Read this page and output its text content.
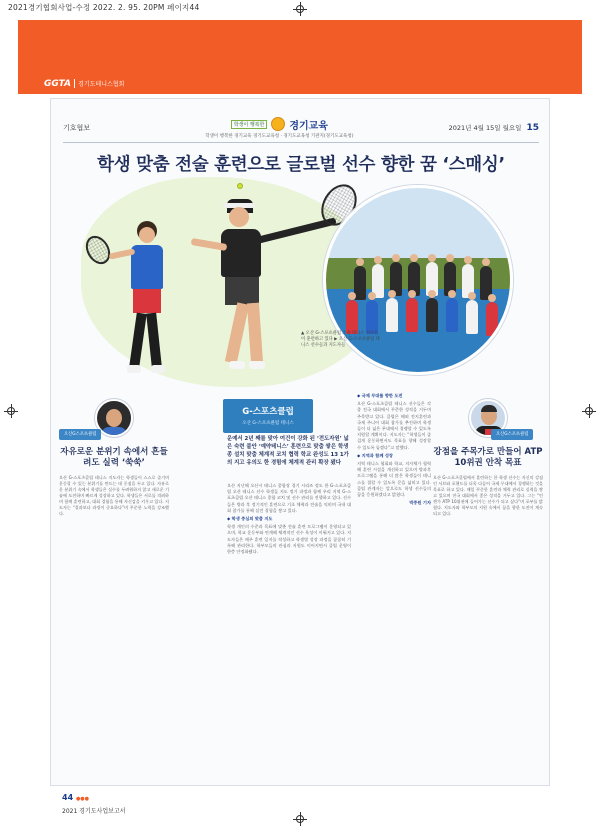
2021경기협회사업-수정 2022. 2. 95. 20PM 페이지44
GGTA	경기도테니스협회
기호협보	학생이 행복한	경기교육
학생이 행복한 경기교육 경기도교육청 · 경기도교육청 기관지(경기도교육청)
2021년 4월 15일 월요일 15
학생 맞춤 전술 훈련으로 글로벌 선수 향한 꿈 ‘스매싱’
▲ 오산 G-스포츠클럽 소속 테니스 선수들이 훈련하고 있다 ▶ 오산 G-스포츠클럽 테니스 선수들과 지도자들
자유로운 분위기 속에서 흔들려도 실력 ‘쑥쑥’
오산 G-스포츠클럽 테니스 지도자는 학생들이 스스로 즐기며 운동할 수 있는 분위기를 만드는 데 중점을 두고 있다. 자유로운 분위기 속에서 학생들은 실수를 두려워하지 않고 새로운 기술에 도전하며 빠르게 성장하고 있다. 학생들은 서로를 격려하며 함께 훈련하고, 대회 경험을 통해 자신감을 키우고 있다. 지도자는 “결과보다 과정이 중요하다”며 꾸준한 노력을 강조했다.
오산G스포츠클럽
강점을 주목가로 만들어 ATP 10위권 안착 목표
오산 G-스포츠클럽에서 훈련하는 한 학생 선수는 자신의 강점인 서브와 포핸드를 더욱 다듬어 국제 무대에서 경쟁하는 것을 목표로 하고 있다. 매일 꾸준한 훈련과 체력 관리로 실력을 쌓고 있으며 전국 대회에서 좋은 성적을 거두고 있다. 그는 “언젠가 ATP 10위권에 들어가는 선수가 되고 싶다”며 포부를 밝혔다. 지도자와 학부모의 지원 속에서 꿈을 향한 도전이 계속되고 있다.
오산G스포츠클럽
G-스포츠클럽
오산 G-스포츠클럽 테니스
운예서 2년 째를 맞아 여건이 강화 된 ‘전도자원’ 넓은 숙련 불안 ‘예약테니스’ 훈련으로 맞춤 쌓은 학생 종 설치 맞춤 체계적 코치 협력 학교 완성도 13 1가의 지고 유의도 한 경험에 체계적 관리 확장 됐다
오산 지난해 오산시 테니스 종합장 경기 시리즈 정도 한 G-스포츠클럽 오산 테니스 선수 학생들 지도 정기 과정과 함께 우리 지역 G-스포츠클럽 오산 테니스 종합 코치 및 선수 관리를 진행하고 있다. 선수들은 방과 후 정기적인 훈련으로 기초 체력과 전술을 익히며 국내 대회 참가를 통해 실전 경험을 쌓고 있다.
◆ 학생 중심의 맞춤 지도
학생 개인의 수준과 목표에 맞춘 전술 훈련 프로그램이 운영되고 있으며, 학교 운동부와 연계해 체계적인 선수 육성이 이뤄지고 있다. 지도자들은 매주 훈련 일지를 작성하고 학생별 성장 과정을 꼼꼼히 기록해 관리한다. 학부모들의 관심과 지원도 이어지면서 클럽 운영이 한층 안정화됐다.
◆ 국제 무대를 향한 도전
오산 G-스포츠클럽 테니스 선수들은 각종 전국 대회에서 꾸준한 성적을 거두며 주목받고 있다. 클럽은 해외 전지훈련과 국제 주니어 대회 참가를 추진하며 학생들이 더 넓은 무대에서 경쟁할 수 있도록 지원할 계획이다. 지도자는 “학생들이 즐겁게 운동하면서도 목표를 향해 성장할 수 있도록 돕겠다”고 말했다.
◆ 지역과 함께 성장
지역 테니스 협회와 학교, 지자체가 협력해 훈련 시설을 개선하고 있으며 방과후 프로그램을 통해 더 많은 학생들이 테니스를 접할 수 있도록 문을 넓히고 있다. 클럽 관계자는 앞으로도 학생 선수들의 꿈을 응원하겠다고 밝혔다.
박중원 기자
44 ●●●
2021 경기도사업보고서
